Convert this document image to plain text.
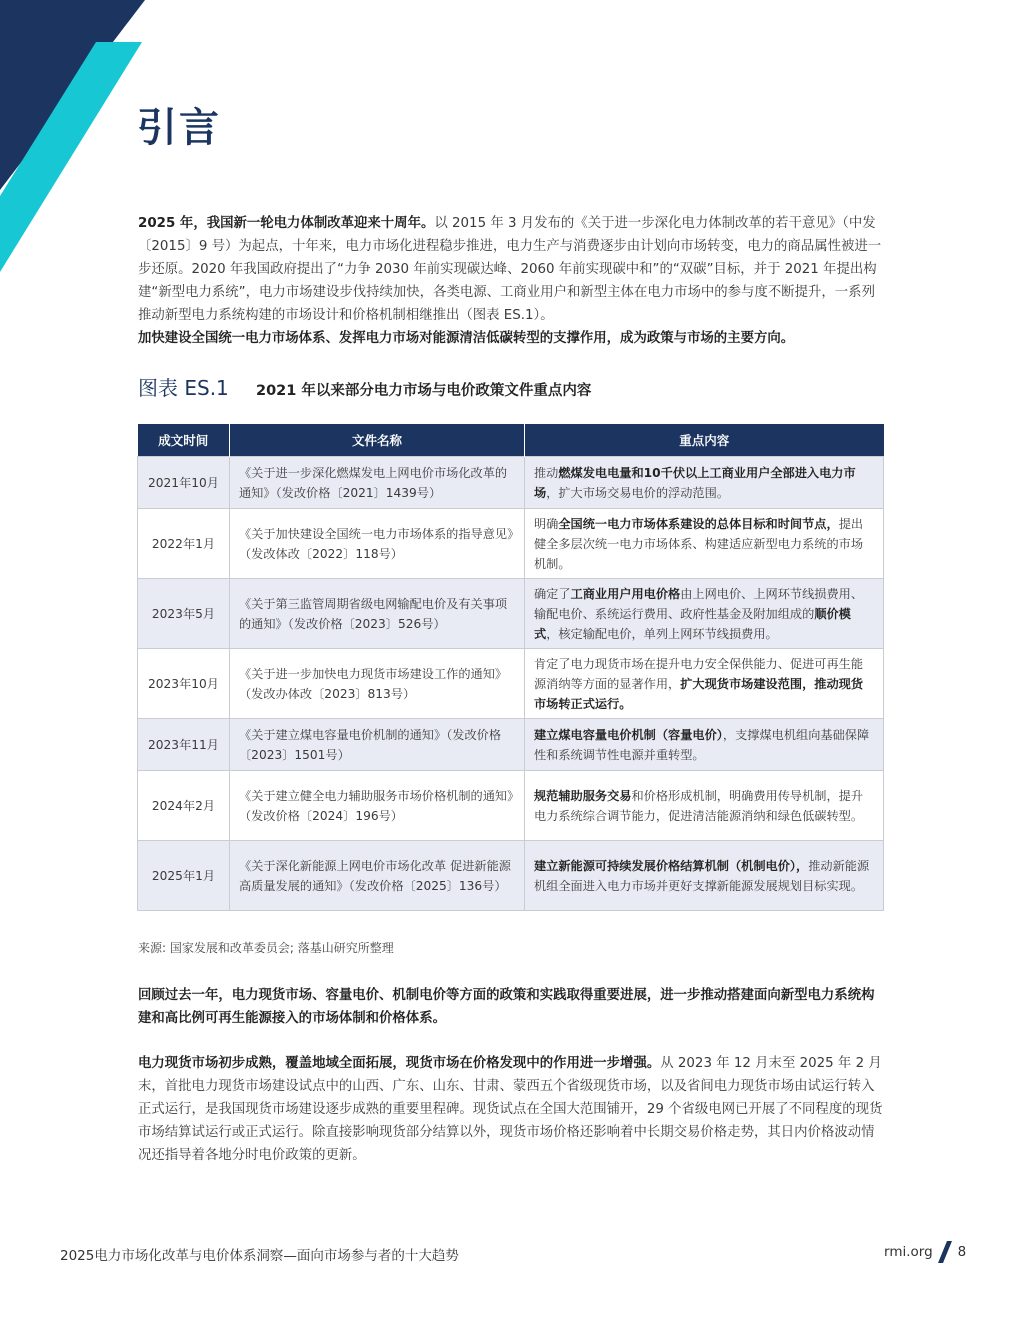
引言

2025 年，我国新一轮电力体制改革迎来十周年。以 2015 年 3 月发布的《关于进一步深化电力体制改革的若干意见》（中发〔2015〕9 号）为起点，十年来，电力市场化进程稳步推进，电力生产与消费逐步由计划向市场转变，电力的商品属性被进一步还原。2020 年我国政府提出了“力争 2030 年前实现碳达峰、2060 年前实现碳中和”的“双碳”目标，并于 2021 年提出构建“新型电力系统”，电力市场建设步伐持续加快，各类电源、工商业用户和新型主体在电力市场中的参与度不断提升，一系列推动新型电力系统构建的市场设计和价格机制相继推出（图表 ES.1）。
加快建设全国统一电力市场体系、发挥电力市场对能源清洁低碳转型的支撑作用，成为政策与市场的主要方向。

图表 ES.1 2021 年以来部分电力市场与电价政策文件重点内容
成文时间	文件名称	重点内容
2021年10月	《关于进一步深化燃煤发电上网电价市场化改革的通知》（发改价格〔2021〕1439号）	推动燃煤发电电量和10千伏以上工商业用户全部进入电力市场，扩大市场交易电价的浮动范围。
2022年1月	《关于加快建设全国统一电力市场体系的指导意见》（发改体改〔2022〕118号）	明确全国统一电力市场体系建设的总体目标和时间节点，提出健全多层次统一电力市场体系、构建适应新型电力系统的市场机制。
2023年5月	《关于第三监管周期省级电网输配电价及有关事项的通知》（发改价格〔2023〕526号）	确定了工商业用户用电价格由上网电价、上网环节线损费用、输配电价、系统运行费用、政府性基金及附加组成的顺价模式，核定输配电价，单列上网环节线损费用。
2023年10月	《关于进一步加快电力现货市场建设工作的通知》（发改办体改〔2023〕813号）	肯定了电力现货市场在提升电力安全保供能力、促进可再生能源消纳等方面的显著作用，扩大现货市场建设范围，推动现货市场转正式运行。
2023年11月	《关于建立煤电容量电价机制的通知》（发改价格〔2023〕1501号）	建立煤电容量电价机制（容量电价），支撑煤电机组向基础保障性和系统调节性电源并重转型。
2024年2月	《关于建立健全电力辅助服务市场价格机制的通知》（发改价格〔2024〕196号）	规范辅助服务交易和价格形成机制，明确费用传导机制，提升电力系统综合调节能力，促进清洁能源消纳和绿色低碳转型。
2025年1月	《关于深化新能源上网电价市场化改革 促进新能源高质量发展的通知》（发改价格〔2025〕136号）	建立新能源可持续发展价格结算机制（机制电价），推动新能源机组全面进入电力市场并更好支撑新能源发展规划目标实现。
来源: 国家发展和改革委员会; 落基山研究所整理

回顾过去一年，电力现货市场、容量电价、机制电价等方面的政策和实践取得重要进展，进一步推动搭建面向新型电力系统构建和高比例可再生能源接入的市场体制和价格体系。

电力现货市场初步成熟，覆盖地域全面拓展，现货市场在价格发现中的作用进一步增强。从 2023 年 12 月末至 2025 年 2 月末，首批电力现货市场建设试点中的山西、广东、山东、甘肃、蒙西五个省级现货市场，以及省间电力现货市场由试运行转入正式运行，是我国现货市场建设逐步成熟的重要里程碑。现货试点在全国大范围铺开，29 个省级电网已开展了不同程度的现货市场结算试运行或正式运行。除直接影响现货部分结算以外，现货市场价格还影响着中长期交易价格走势，其日内价格波动情况还指导着各地分时电价政策的更新。

2025电力市场化改革与电价体系洞察—面向市场参与者的十大趋势	rmi.org 8
